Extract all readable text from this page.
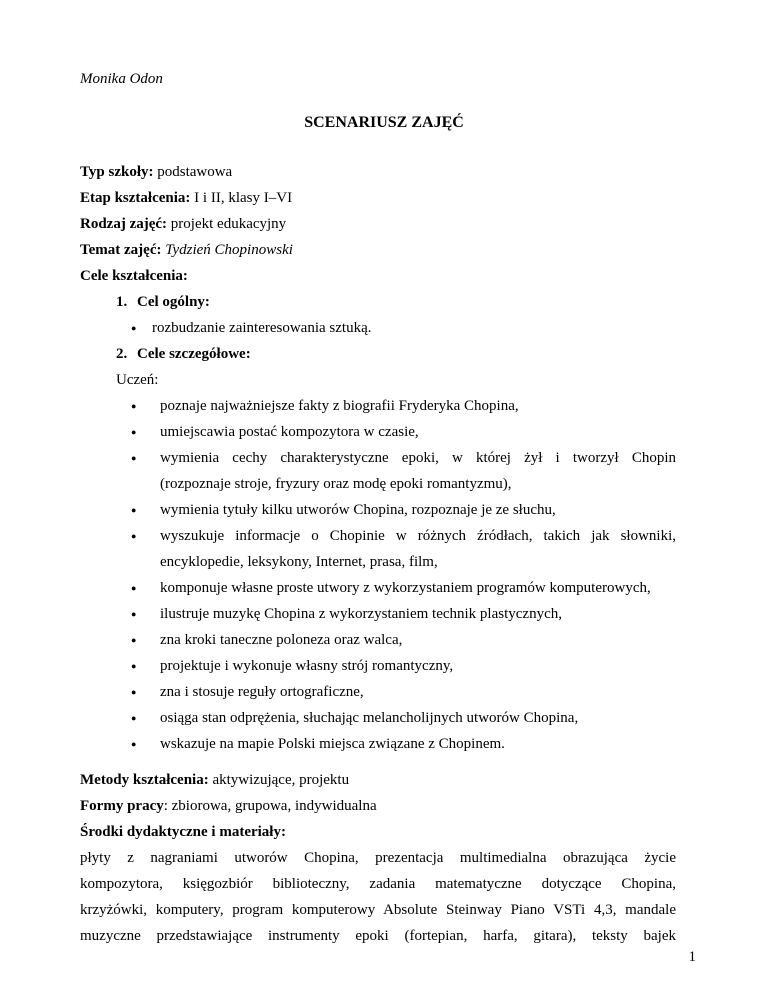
Monika Odon
SCENARIUSZ ZAJĘĆ
Typ szkoły: podstawowa
Etap kształcenia: I i II, klasy I–VI
Rodzaj zajęć: projekt edukacyjny
Temat zajęć: Tydzień Chopinowski
Cele kształcenia:
1. Cel ogólny:
● rozbudzanie zainteresowania sztuką.
2. Cele szczegółowe:
Uczeń:
● poznaje najważniejsze fakty z biografii Fryderyka Chopina,
● umiejscawia postać kompozytora w czasie,
● wymienia cechy charakterystyczne epoki, w której żył i tworzył Chopin
(rozpoznaje stroje, fryzury oraz modę epoki romantyzmu),
● wymienia tytuły kilku utworów Chopina, rozpoznaje je ze słuchu,
● wyszukuje informacje o Chopinie w różnych źródłach, takich jak słowniki,
encyklopedie, leksykony, Internet, prasa, film,
● komponuje własne proste utwory z wykorzystaniem programów komputerowych,
● ilustruje muzykę Chopina z wykorzystaniem technik plastycznych,
● zna kroki taneczne poloneza oraz walca,
● projektuje i wykonuje własny strój romantyczny,
● zna i stosuje reguły ortograficzne,
● osiąga stan odprężenia, słuchając melancholijnych utworów Chopina,
● wskazuje na mapie Polski miejsca związane z Chopinem.
Metody kształcenia: aktywizujące, projektu
Formy pracy: zbiorowa, grupowa, indywidualna
Środki dydaktyczne i materiały:
płyty z nagraniami utworów Chopina, prezentacja multimedialna obrazująca życie
kompozytora, księgozbiór biblioteczny, zadania matematyczne dotyczące Chopina,
krzyżówki, komputery, program komputerowy Absolute Steinway Piano VSTi 4,3, mandale
muzyczne przedstawiające instrumenty epoki (fortepian, harfa, gitara), teksty bajek
1
